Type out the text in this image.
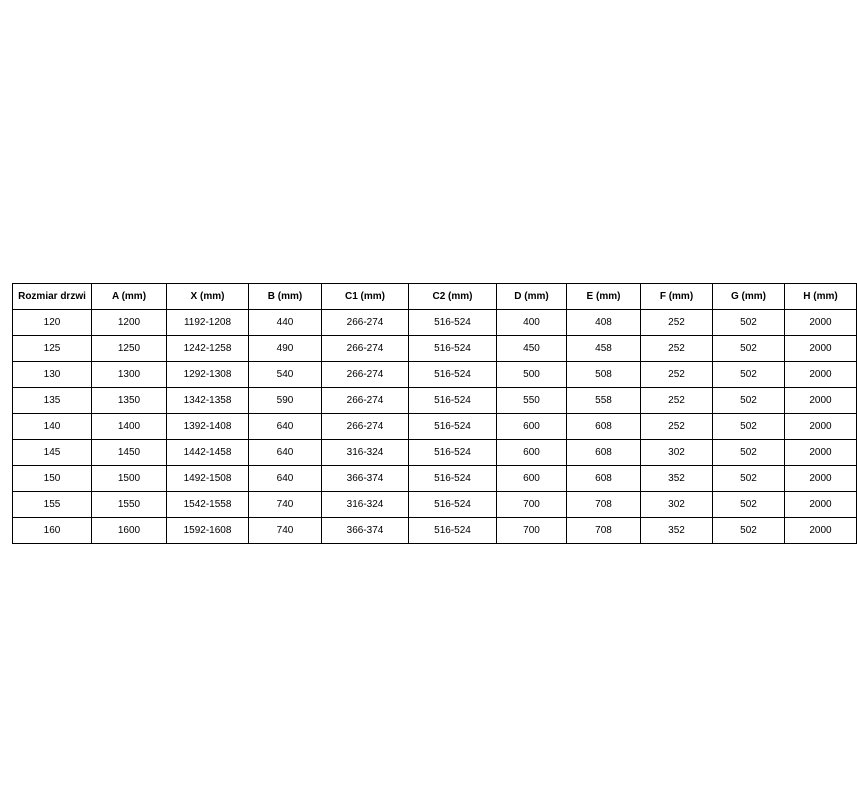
Rozmiar drzwi	A (mm)	X (mm)	B (mm)	C1 (mm)	C2 (mm)	D (mm)	E (mm)	F (mm)	G (mm)	H (mm)
120	1200	1192-1208	440	266-274	516-524	400	408	252	502	2000
125	1250	1242-1258	490	266-274	516-524	450	458	252	502	2000
130	1300	1292-1308	540	266-274	516-524	500	508	252	502	2000
135	1350	1342-1358	590	266-274	516-524	550	558	252	502	2000
140	1400	1392-1408	640	266-274	516-524	600	608	252	502	2000
145	1450	1442-1458	640	316-324	516-524	600	608	302	502	2000
150	1500	1492-1508	640	366-374	516-524	600	608	352	502	2000
155	1550	1542-1558	740	316-324	516-524	700	708	302	502	2000
160	1600	1592-1608	740	366-374	516-524	700	708	352	502	2000
